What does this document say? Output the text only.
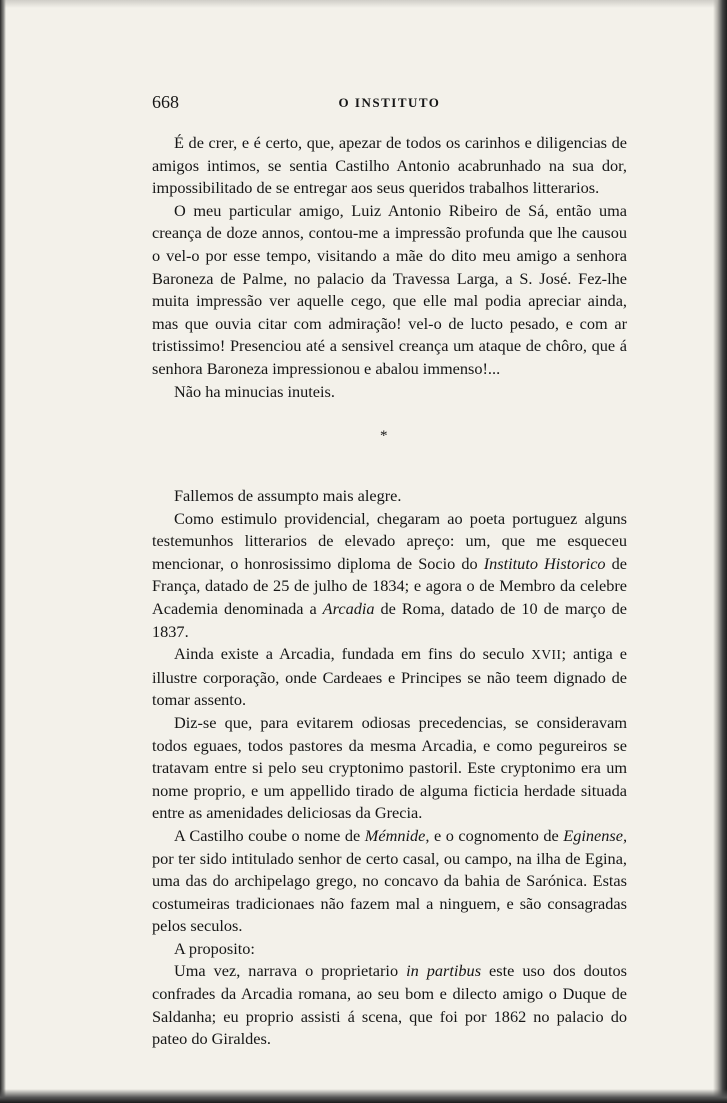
668	O INSTITUTO

É de crer, e é certo, que, apezar de todos os carinhos e diligencias de amigos intimos, se sentia Castilho Antonio acabrunhado na sua dor, impossibilitado de se entregar aos seus queridos trabalhos litterarios.

O meu particular amigo, Luiz Antonio Ribeiro de Sá, então uma creança de doze annos, contou-me a impressão profunda que lhe causou o vel-o por esse tempo, visitando a mãe do dito meu amigo a senhora Baroneza de Palme, no palacio da Travessa Larga, a S. José. Fez-lhe muita impressão ver aquelle cego, que elle mal podia apreciar ainda, mas que ouvia citar com admiração! vel-o de lucto pesado, e com ar tristissimo! Presenciou até a sensivel creança um ataque de chôro, que á senhora Baroneza impressionou e abalou immenso!...

Não ha minucias inuteis.

*

Fallemos de assumpto mais alegre.

Como estimulo providencial, chegaram ao poeta portuguez alguns testemunhos litterarios de elevado apreço: um, que me esqueceu mencionar, o honrosissimo diploma de Socio do Instituto Historico de França, datado de 25 de julho de 1834; e agora o de Membro da celebre Academia denominada a Arcadia de Roma, datado de 10 de março de 1837.

Ainda existe a Arcadia, fundada em fins do seculo XVII; antiga e illustre corporação, onde Cardeaes e Principes se não teem dignado de tomar assento.

Diz-se que, para evitarem odiosas precedencias, se consideravam todos eguaes, todos pastores da mesma Arcadia, e como pegureiros se tratavam entre si pelo seu cryptonimo pastoril. Este cryptonimo era um nome proprio, e um appellido tirado de alguma ficticia herdade situada entre as amenidades deliciosas da Grecia.

A Castilho coube o nome de Mémnide, e o cognomento de Eginense, por ter sido intitulado senhor de certo casal, ou campo, na ilha de Egina, uma das do archipelago grego, no concavo da bahia de Sarónica. Estas costumeiras tradicionaes não fazem mal a ninguem, e são consagradas pelos seculos.

A proposito:

Uma vez, narrava o proprietario in partibus este uso dos doutos confrades da Arcadia romana, ao seu bom e dilecto amigo o Duque de Saldanha; eu proprio assisti á scena, que foi por 1862 no palacio do pateo do Giraldes.
